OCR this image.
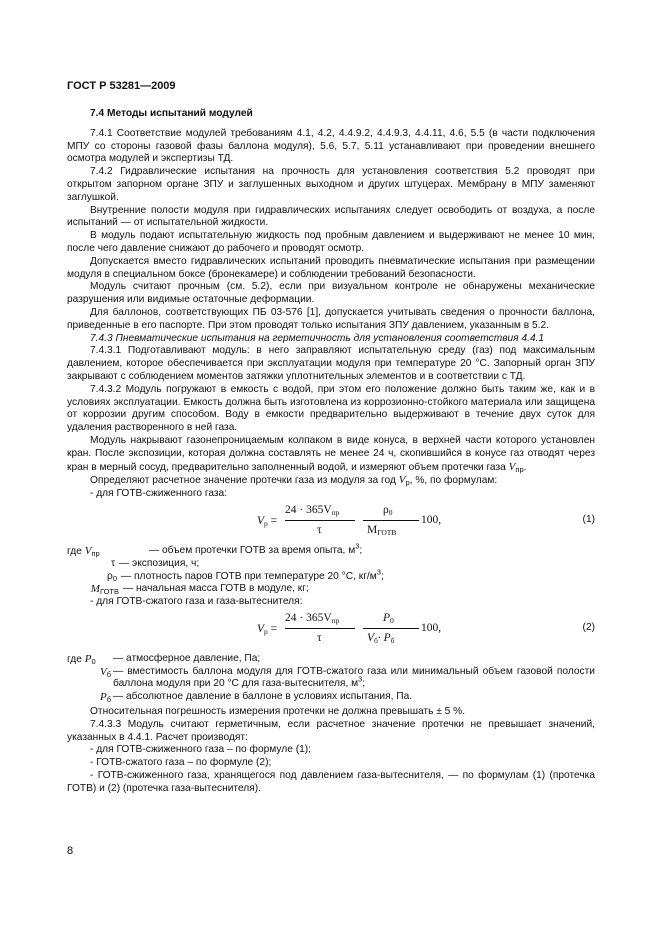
ГОСТ Р 53281—2009
7.4 Методы испытаний модулей

7.4.1 Соответствие модулей требованиям 4.1, 4.2, 4.4.9.2, 4.4.9.3, 4.4.11, 4.6, 5.5 (в части подключения МПУ со стороны газовой фазы баллона модуля), 5.6, 5.7, 5.11 устанавливают при проведении внешнего осмотра модулей и экспертизы ТД.

7.4.2 Гидравлические испытания на прочность для установления соответствия 5.2 проводят при открытом запорном органе ЗПУ и заглушенных выходном и других штуцерах. Мембрану в МПУ заменяют заглушкой.

Внутренние полости модуля при гидравлических испытаниях следует освободить от воздуха, а после испытаний — от испытательной жидкости.

В модуль подают испытательную жидкость под пробным давлением и выдерживают не менее 10 мин, после чего давление снижают до рабочего и проводят осмотр.

Допускается вместо гидравлических испытаний проводить пневматические испытания при размещении модуля в специальном боксе (бронекамере) и соблюдении требований безопасности.

Модуль считают прочным (см. 5.2), если при визуальном контроле не обнаружены механические разрушения или видимые остаточные деформации.

Для баллонов, соответствующих ПБ 03-576 [1], допускается учитывать сведения о прочности баллона, приведенные в его паспорте. При этом проводят только испытания ЗПУ давлением, указанным в 5.2.

7.4.3 Пневматические испытания на герметичность для установления соответствия 4.4.1

7.4.3.1 Подготавливают модуль: в него заправляют испытательную среду (газ) под максимальным давлением, которое обеспечивается при эксплуатации модуля при температуре 20 °С. Запорный орган ЗПУ закрывают с соблюдением моментов затяжки уплотнительных элементов и в соответствии с ТД.

7.4.3.2 Модуль погружают в емкость с водой, при этом его положение должно быть таким же, как и в условиях эксплуатации. Емкость должна быть изготовлена из коррозионно-стойкого материала или защищена от коррозии другим способом. Воду в емкости предварительно выдерживают в течение двух суток для удаления растворенного в ней газа.

Модуль накрывают газонепроницаемым колпаком в виде конуса, в верхней части которого установлен кран. После экспозиции, которая должна составлять не менее 24 ч, скопившийся в конусе газ отводят через кран в мерный сосуд, предварительно заполненный водой, и измеряют объем протечки газа $V_{пр}$.

Определяют расчетное значение протечки газа из модуля за год $V_р$, %, по формулам:

- для ГОТВ-сжиженного газа:

$V_р$ =
$24 \cdot 365V_{пр}$
τ
$\rho_0$
$М_{ГОТВ}$
100,	(1)
где $V_{пр}$	— объем протечки ГОТВ за время опыта, $м^3$;
τ — экспозиция, ч;
$\rho_0$ — плотность паров ГОТВ при температуре 20 °С, $кг/м^3$;
$M_{ГОТВ}$ — начальная масса ГОТВ в модуле, кг;

- для ГОТВ-сжатого газа и газа-вытеснителя:

$V_р$ =
$24 \cdot 365V_{пр}$
τ
$P_0$
$V_б\cdot P_б$
100,	(2)
где $P_0$	— атмосферное давление, Па;
$V_б$ — вместимость баллона модуля для ГОТВ-сжатого газа или минимальный объем газовой полости баллона модуля при 20 °С для газа-вытеснителя, $м^3$;
$P_б$ — абсолютное давление в баллоне в условиях испытания, Па.

Относительная погрешность измерения протечки не должна превышать ± 5 %.

7.4.3.3 Модуль считают герметичным, если расчетное значение протечки не превышает значений, указанных в 4.4.1. Расчет производят:

- для ГОТВ-сжиженного газа – по формуле (1);

- ГОТВ-сжатого газа – по формуле (2);

- ГОТВ-сжиженного газа, хранящегося под давлением газа-вытеснителя, — по формулам (1) (протечка ГОТВ) и (2) (протечка газа-вытеснителя).

8
